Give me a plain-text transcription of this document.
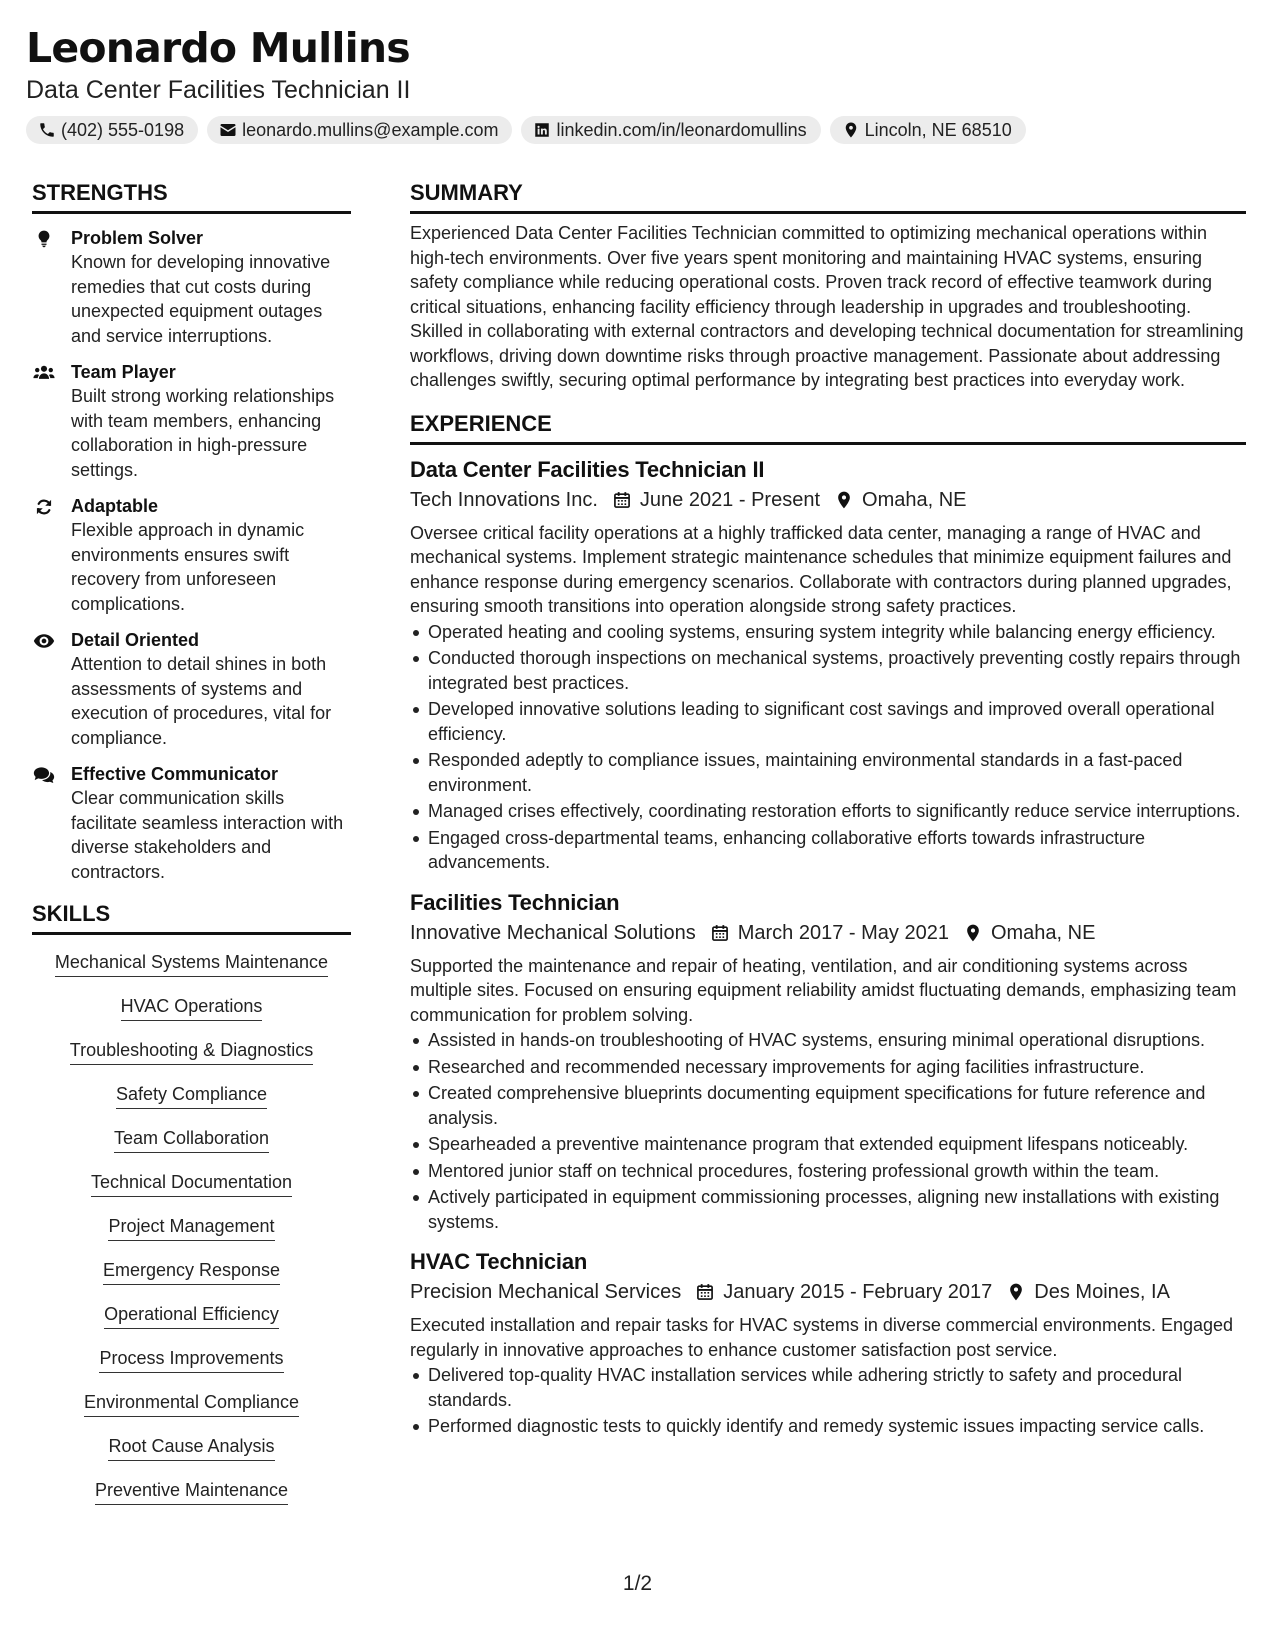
Leonardo Mullins
Data Center Facilities Technician II
(402) 555-0198	leonardo.mullins@example.com	linkedin.com/in/leonardomullins	Lincoln, NE 68510
STRENGTHS
Problem Solver
Known for developing innovative remedies that cut costs during unexpected equipment outages and service interruptions.
Team Player
Built strong working relationships with team members, enhancing collaboration in high-pressure settings.
Adaptable
Flexible approach in dynamic environments ensures swift recovery from unforeseen complications.
Detail Oriented
Attention to detail shines in both assessments of systems and execution of procedures, vital for compliance.
Effective Communicator
Clear communication skills facilitate seamless interaction with diverse stakeholders and contractors.
SKILLS
Mechanical Systems Maintenance
HVAC Operations
Troubleshooting & Diagnostics
Safety Compliance
Team Collaboration
Technical Documentation
Project Management
Emergency Response
Operational Efficiency
Process Improvements
Environmental Compliance
Root Cause Analysis
Preventive Maintenance
SUMMARY
Experienced Data Center Facilities Technician committed to optimizing mechanical operations within high-tech environments. Over five years spent monitoring and maintaining HVAC systems, ensuring safety compliance while reducing operational costs. Proven track record of effective teamwork during critical situations, enhancing facility efficiency through leadership in upgrades and troubleshooting. Skilled in collaborating with external contractors and developing technical documentation for streamlining workflows, driving down downtime risks through proactive management. Passionate about addressing challenges swiftly, securing optimal performance by integrating best practices into everyday work.
EXPERIENCE
Data Center Facilities Technician II
Tech Innovations Inc. June 2021 - Present Omaha, NE
Oversee critical facility operations at a highly trafficked data center, managing a range of HVAC and mechanical systems. Implement strategic maintenance schedules that minimize equipment failures and enhance response during emergency scenarios. Collaborate with contractors during planned upgrades, ensuring smooth transitions into operation alongside strong safety practices.
Operated heating and cooling systems, ensuring system integrity while balancing energy efficiency.
Conducted thorough inspections on mechanical systems, proactively preventing costly repairs through integrated best practices.
Developed innovative solutions leading to significant cost savings and improved overall operational efficiency.
Responded adeptly to compliance issues, maintaining environmental standards in a fast-paced environment.
Managed crises effectively, coordinating restoration efforts to significantly reduce service interruptions.
Engaged cross-departmental teams, enhancing collaborative efforts towards infrastructure advancements.
Facilities Technician
Innovative Mechanical Solutions March 2017 - May 2021 Omaha, NE
Supported the maintenance and repair of heating, ventilation, and air conditioning systems across multiple sites. Focused on ensuring equipment reliability amidst fluctuating demands, emphasizing team communication for problem solving.
Assisted in hands-on troubleshooting of HVAC systems, ensuring minimal operational disruptions.
Researched and recommended necessary improvements for aging facilities infrastructure.
Created comprehensive blueprints documenting equipment specifications for future reference and analysis.
Spearheaded a preventive maintenance program that extended equipment lifespans noticeably.
Mentored junior staff on technical procedures, fostering professional growth within the team.
Actively participated in equipment commissioning processes, aligning new installations with existing systems.
HVAC Technician
Precision Mechanical Services January 2015 - February 2017 Des Moines, IA
Executed installation and repair tasks for HVAC systems in diverse commercial environments. Engaged regularly in innovative approaches to enhance customer satisfaction post service.
Delivered top-quality HVAC installation services while adhering strictly to safety and procedural standards.
Performed diagnostic tests to quickly identify and remedy systemic issues impacting service calls.
1/2
